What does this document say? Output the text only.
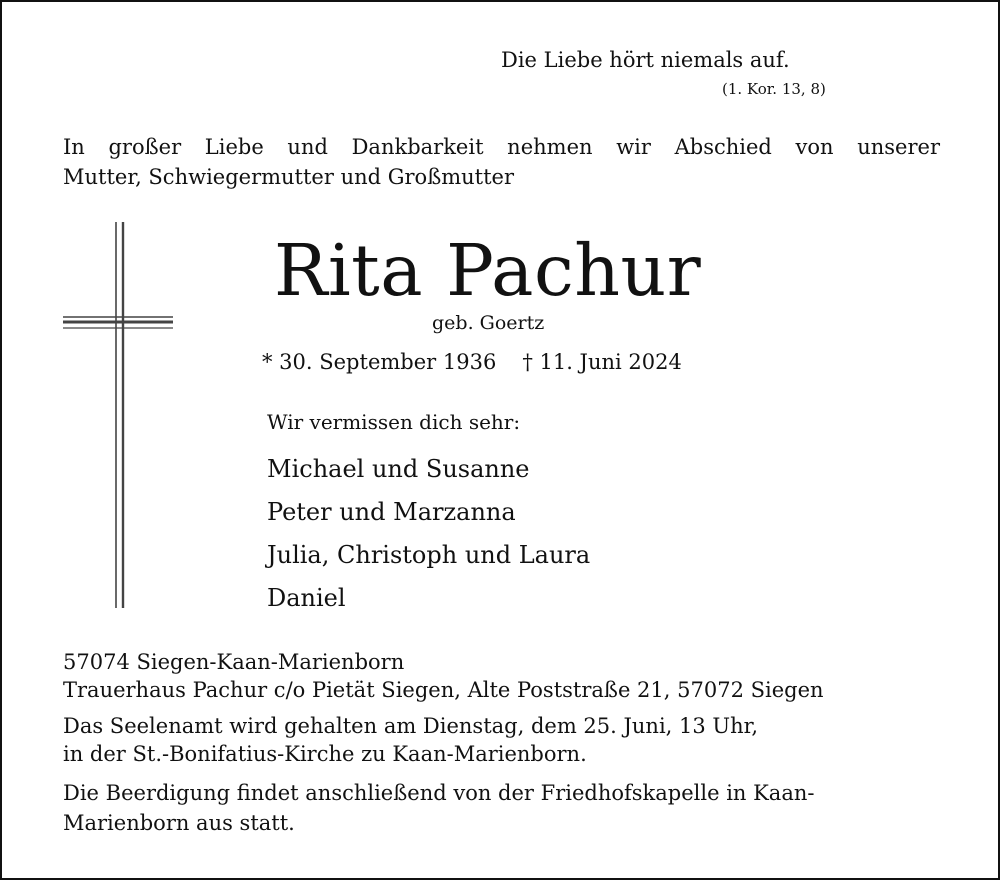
Die Liebe hört niemals auf.
(1. Kor. 13, 8)
In großer Liebe und Dankbarkeit nehmen wir Abschied von unserer
Mutter, Schwiegermutter und Großmutter
Rita Pachur
geb. Goertz
* 30. September 1936 † 11. Juni 2024
Wir vermissen dich sehr:
Michael und Susanne
Peter und Marzanna
Julia, Christoph und Laura
Daniel
57074 Siegen-Kaan-Marienborn
Trauerhaus Pachur c/o Pietät Siegen, Alte Poststraße 21, 57072 Siegen
Das Seelenamt wird gehalten am Dienstag, dem 25. Juni, 13 Uhr,
in der St.-Bonifatius-Kirche zu Kaan-Marienborn.
Die Beerdigung findet anschließend von der Friedhofskapelle in Kaan-
Marienborn aus statt.
